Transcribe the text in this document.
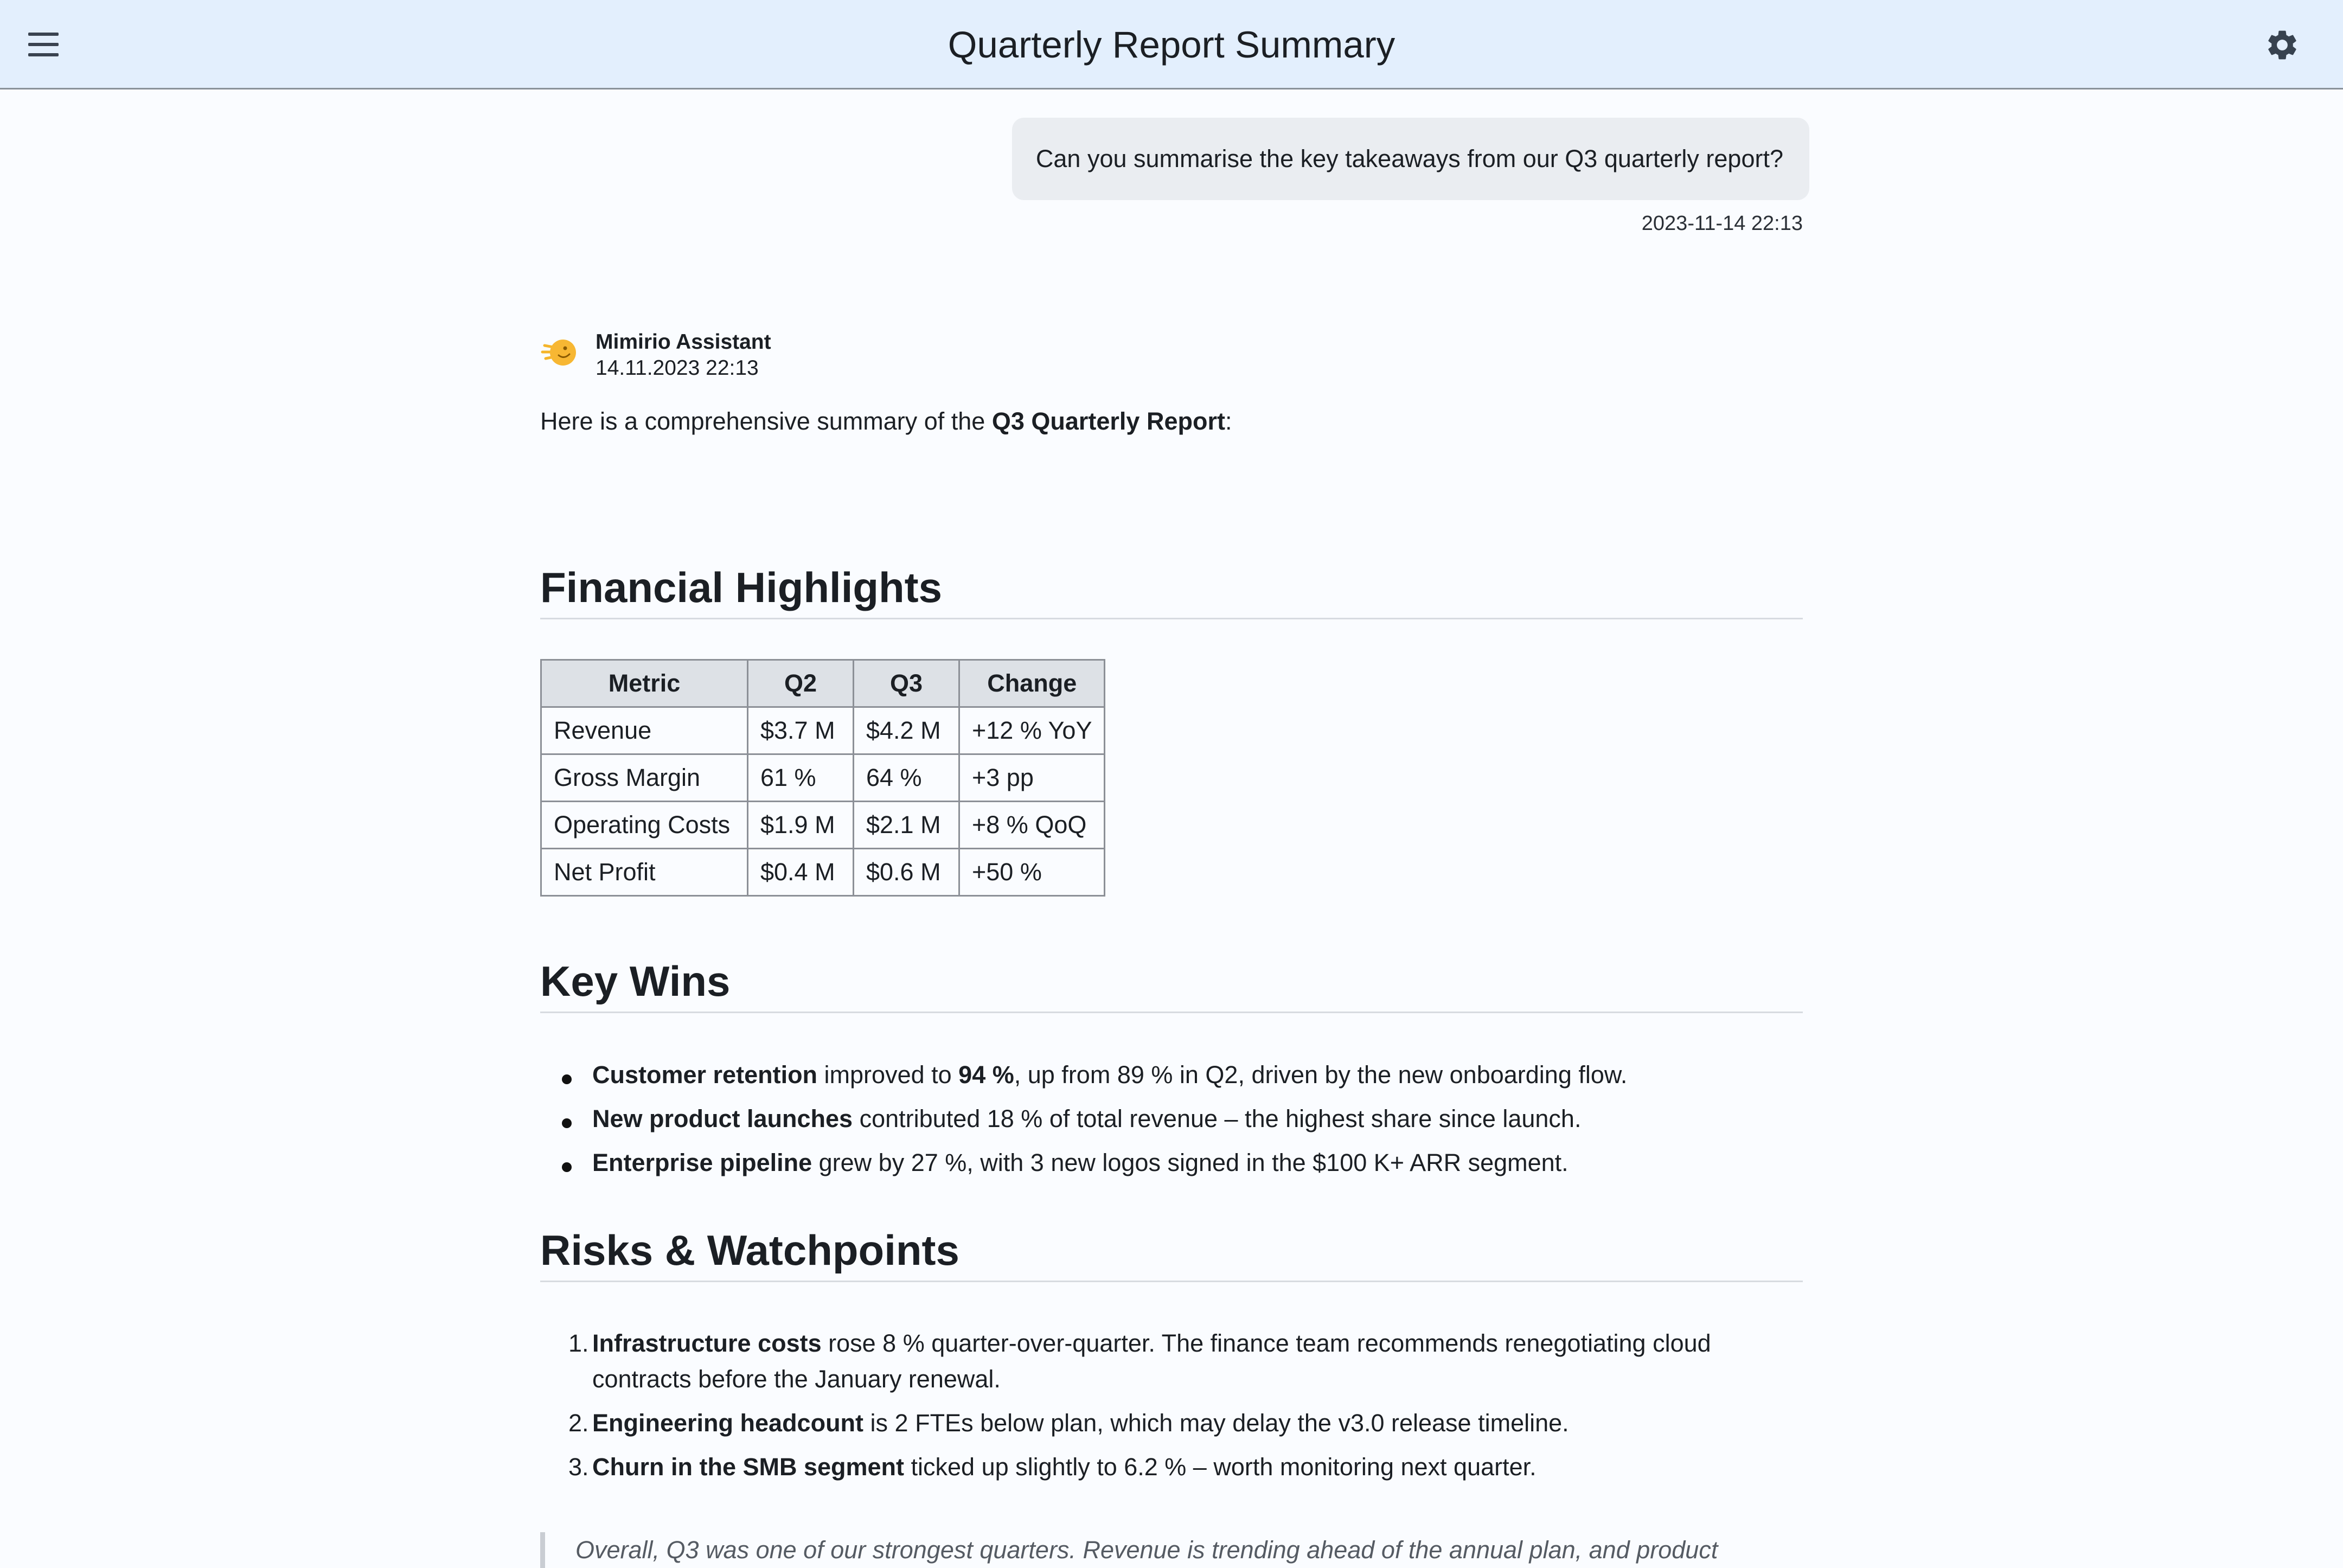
Quarterly Report Summary
Can you summarise the key takeaways from our Q3 quarterly report?
2023-11-14 22:13
Mimirio Assistant
14.11.2023 22:13
Here is a comprehensive summary of the Q3 Quarterly Report:
Financial Highlights
Metric	Q2	Q3	Change
Revenue	$3.7 M	$4.2 M	+12 % YoY
Gross Margin	61 %	64 %	+3 pp
Operating Costs	$1.9 M	$2.1 M	+8 % QoQ
Net Profit	$0.4 M	$0.6 M	+50 %
Key Wins
Customer retention improved to 94 %, up from 89 % in Q2, driven by the new onboarding flow.
New product launches contributed 18 % of total revenue – the highest share since launch.
Enterprise pipeline grew by 27 %, with 3 new logos signed in the $100 K+ ARR segment.
Risks & Watchpoints
1. Infrastructure costs rose 8 % quarter-over-quarter. The finance team recommends renegotiating cloud contracts before the January renewal.
2. Engineering headcount is 2 FTEs below plan, which may delay the v3.0 release timeline.
3. Churn in the SMB segment ticked up slightly to 6.2 % – worth monitoring next quarter.
Overall, Q3 was one of our strongest quarters. Revenue is trending ahead of the annual plan, and product
